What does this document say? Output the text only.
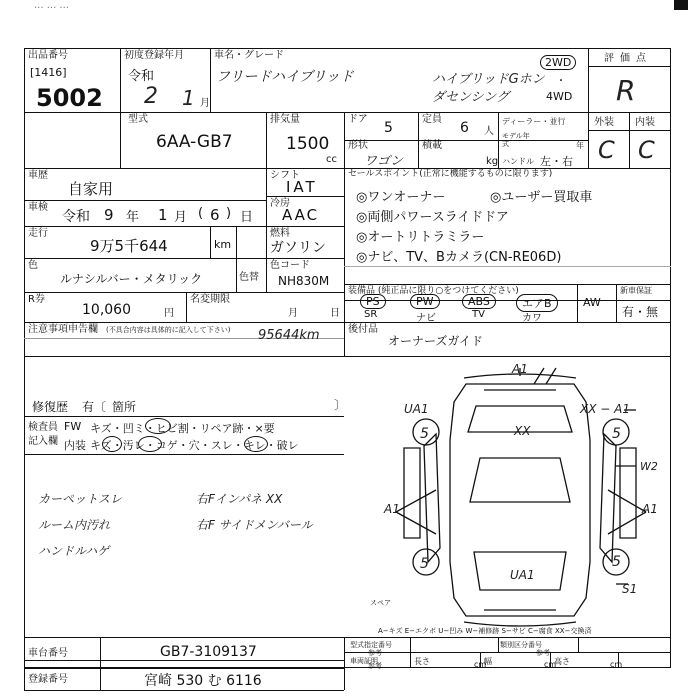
... ... ...
出品番号
[1416]
5002
初度登録年月
令和
2 1 月
車名・グレード
フリードハイブリッド	ハイブリッドGホン
ダセンシング
2WD
・
4WD
評価点
R
型式
6AA-GB7
排気量
1500
cc
ドア
5
定員
6 人
ディーラー・並行
モデル年式	年
形状
ワゴン
積載
kg ハンドル 左・右
外装 内装
C C
車歴
自家用
車検
令和 9 年 1 月 ( 6 ) 日
走行
9万5千644	km
シフト
IAT
冷房
AAC
燃料
ガソリン
色
ルナシルバー・メタリック	色替
色コード
NH830M
セールスポイント(正常に機能するものに限ります)
◎ワンオーナー	◎ユーザー買取車
◎両側パワースライドドア
◎オートリトラミラー
◎ナビ、TV、Bカメラ(CN-RE06D)
装備品 (純正品に限り○をつけてください)
PS	PW	ABS	エアB	AW
SR	ナビ	TV	カワ
新車保証
有・無
R券
10,060	円
名変期限
月	日
注意事項申告欄 (不具合内容は具体的に記入して下さい) 95644km	後付品
オーナーズガイド
修復歴 有〔 箇所	〕
検査員
記入欄
FW キズ・凹ミ・ヒビ割・リペア跡・×要
内装 キズ・汚レ・コゲ・穴・スレ・キレ・破レ
カーペットスレ
ルーム内汚れ
ハンドルハゲ
右Fインパネ XX
右F サイドメンバール
A1
UA1	XX − A1
XX
5	5
5	5
W2
A1	A1
UA1
S1
スペア
A−キズ E−エクボ U−凹み W−補修跡 S−サビ C−腐食 XX−交換済
車台番号	GB7-3109137
登録番号	宮崎 530 む 6116
型式指定番号	類別区分番号
車両証明	長さ	幅	高さ
参考	参考
参考	cm	cm	cm
